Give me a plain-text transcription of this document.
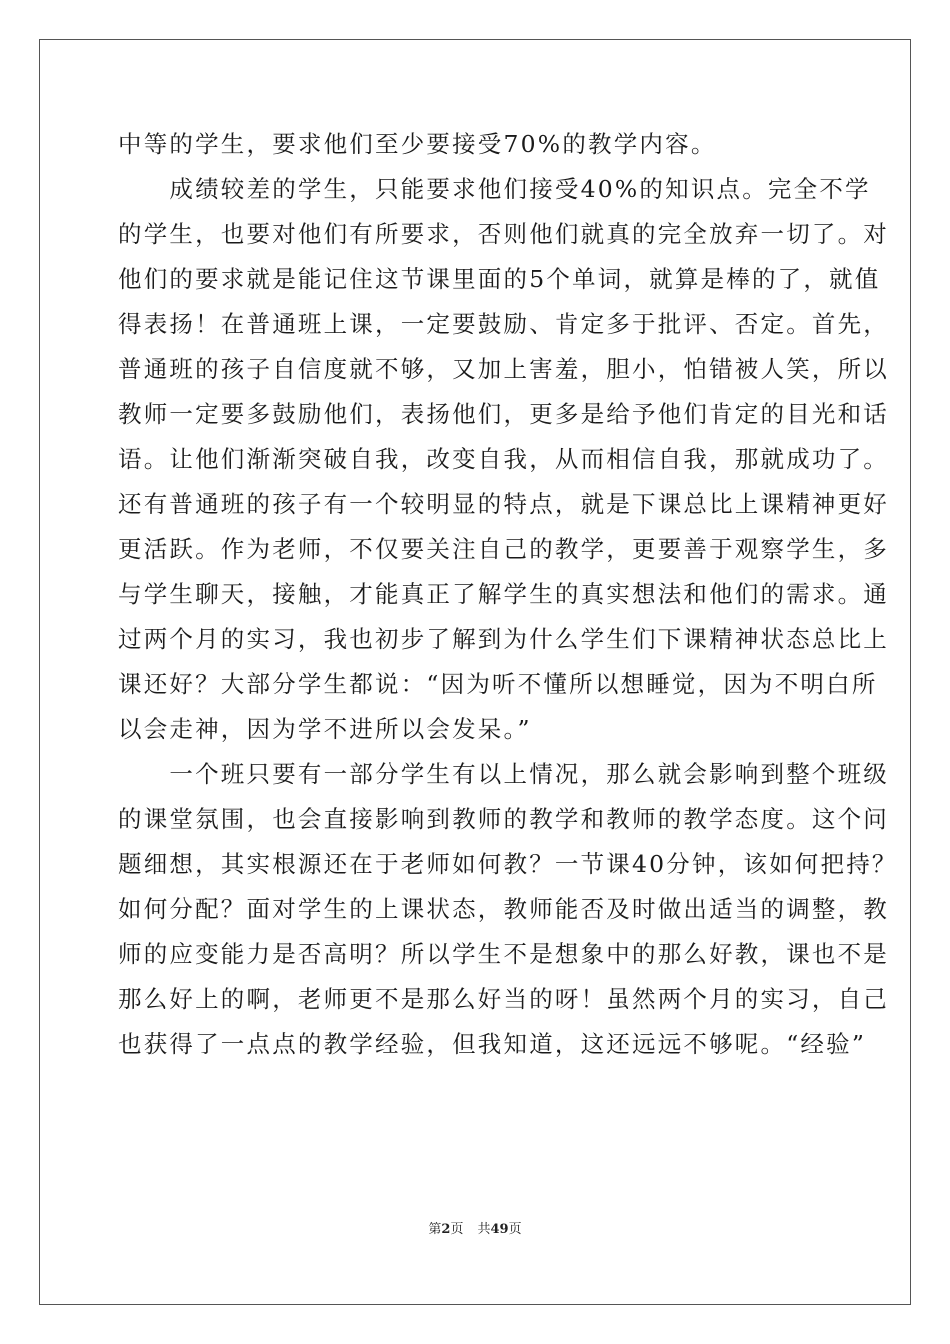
中等的学生，要求他们至少要接受70%的教学内容。
　　成绩较差的学生，只能要求他们接受40%的知识点。完全不学
的学生，也要对他们有所要求，否则他们就真的完全放弃一切了。对
他们的要求就是能记住这节课里面的5个单词，就算是棒的了，就值
得表扬！在普通班上课，一定要鼓励、肯定多于批评、否定。首先，
普通班的孩子自信度就不够，又加上害羞，胆小，怕错被人笑，所以
教师一定要多鼓励他们，表扬他们，更多是给予他们肯定的目光和话
语。让他们渐渐突破自我，改变自我，从而相信自我，那就成功了。
还有普通班的孩子有一个较明显的特点，就是下课总比上课精神更好
更活跃。作为老师，不仅要关注自己的教学，更要善于观察学生，多
与学生聊天，接触，才能真正了解学生的真实想法和他们的需求。通
过两个月的实习，我也初步了解到为什么学生们下课精神状态总比上
课还好？大部分学生都说：“因为听不懂所以想睡觉，因为不明白所
以会走神，因为学不进所以会发呆。”
　　一个班只要有一部分学生有以上情况，那么就会影响到整个班级
的课堂氛围，也会直接影响到教师的教学和教师的教学态度。这个问
题细想，其实根源还在于老师如何教？一节课40分钟，该如何把持？
如何分配？面对学生的上课状态，教师能否及时做出适当的调整，教
师的应变能力是否高明？所以学生不是想象中的那么好教，课也不是
那么好上的啊，老师更不是那么好当的呀！虽然两个月的实习，自己
也获得了一点点的教学经验，但我知道，这还远远不够呢。“经验”
第2页 共49页
